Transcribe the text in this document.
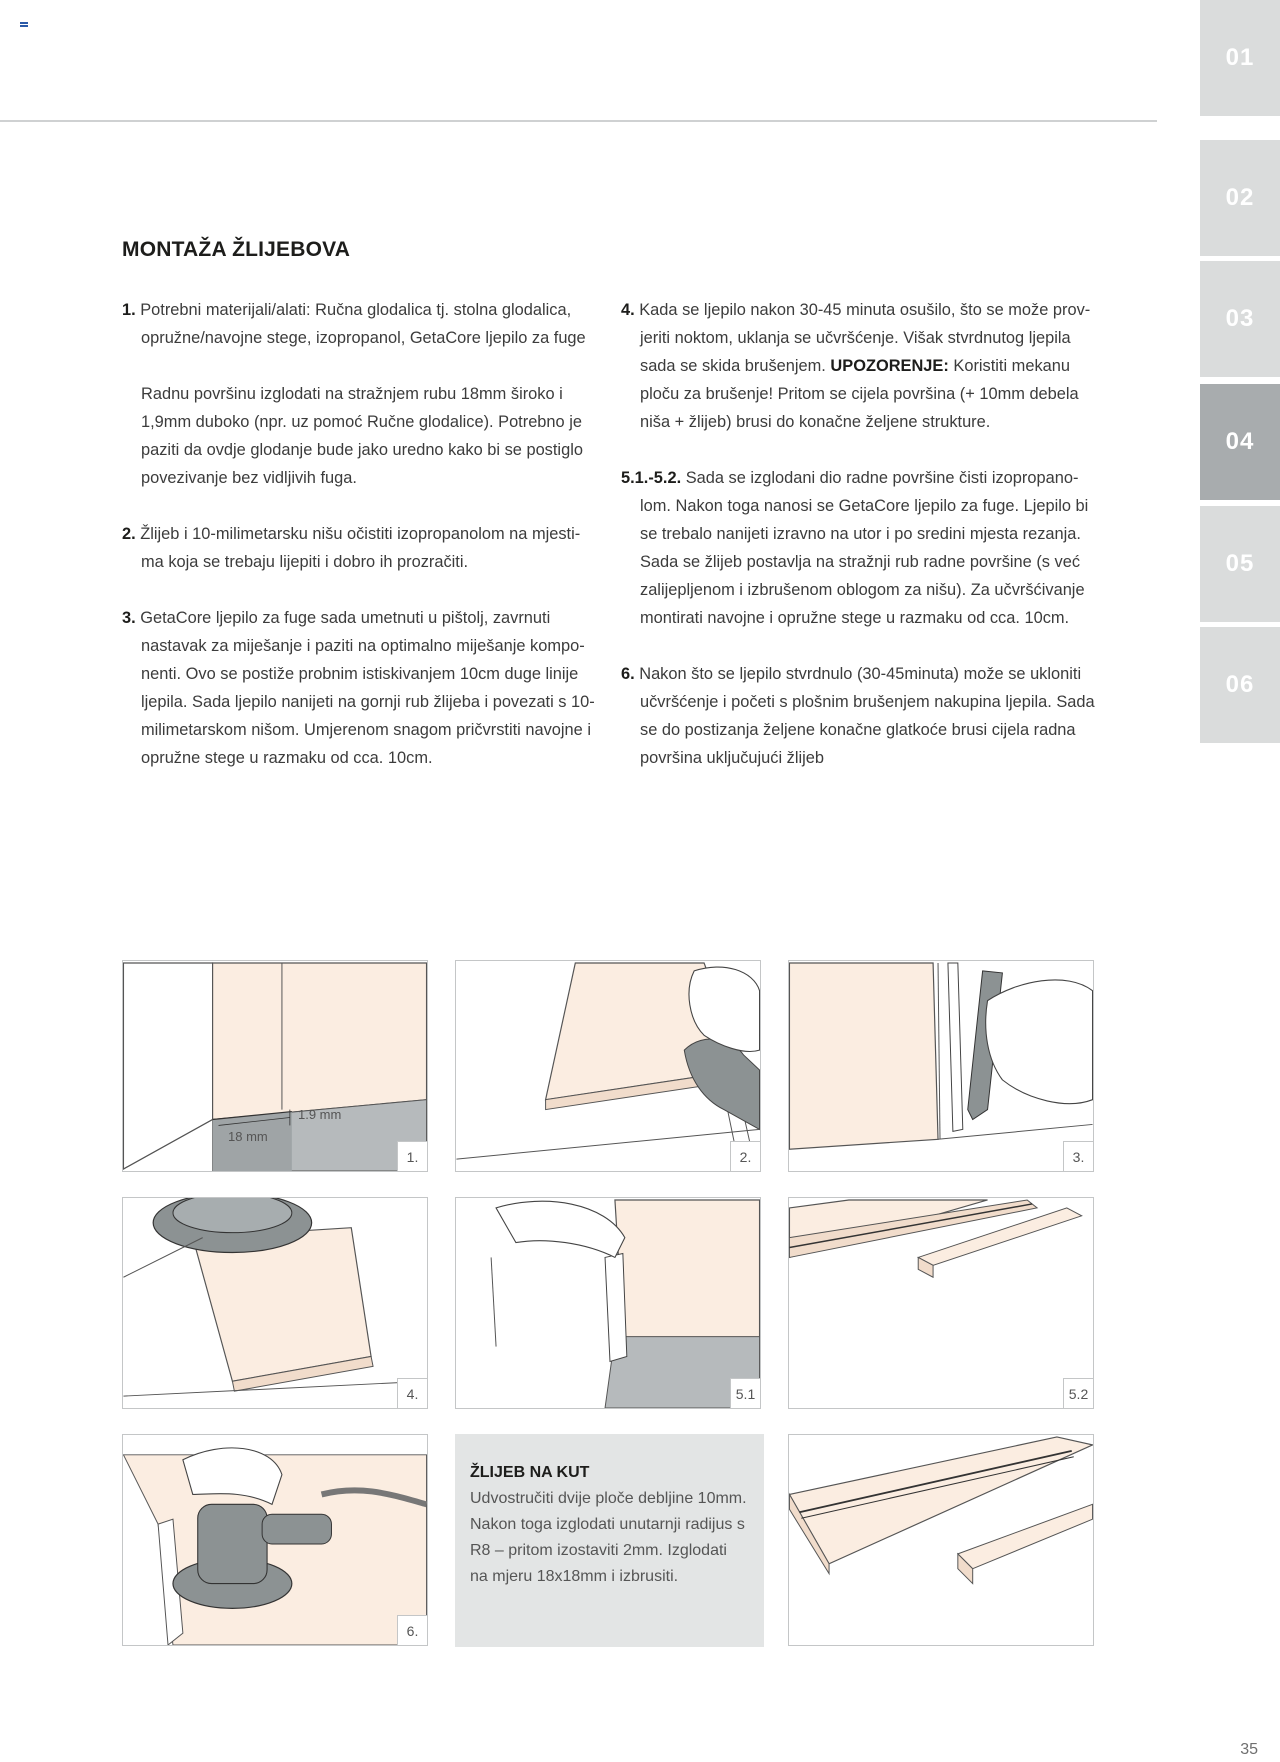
01
02
03
04
05
06
MONTAŽA ŽLIJEBOVA

1. Potrebni materijali/alati: Ručna glodalica tj. stolna glodalica, opružne/navojne stege, izopropanol, GetaCore ljepilo za fuge

Radnu površinu izglodati na stražnjem rubu 18mm široko i 1,9mm duboko (npr. uz pomoć Ručne glodalice). Potrebno je paziti da ovdje glodanje bude jako uredno kako bi se postiglo povezivanje bez vidljivih fuga.

2. Žlijeb i 10-milimetarsku nišu očistiti izopropanolom na mjesti-ma koja se trebaju lijepiti i dobro ih prozračiti.

3. GetaCore ljepilo za fuge sada umetnuti u pištolj, zavrnuti nastavak za miješanje i paziti na optimalno miješanje kompo-nenti. Ovo se postiže probnim istiskivanjem 10cm duge linije ljepila. Sada ljepilo nanijeti na gornji rub žlijeba i povezati s 10-milimetarskom nišom. Umjerenom snagom pričvrstiti navojne i opružne stege u razmaku od cca. 10cm.

4. Kada se ljepilo nakon 30-45 minuta osušilo, što se može prov-jeriti noktom, uklanja se učvršćenje. Višak stvrdnutog ljepila sada se skida brušenjem. UPOZORENJE: Koristiti mekanu ploču za brušenje! Pritom se cijela površina (+ 10mm debela niša + žlijeb) brusi do konačne željene strukture.

5.1.-5.2. Sada se izglodani dio radne površine čisti izopropano-lom. Nakon toga nanosi se GetaCore ljepilo za fuge. Ljepilo bi se trebalo nanijeti izravno na utor i po sredini mjesta rezanja. Sada se žlijeb postavlja na stražnji rub radne površine (s već zalijepljenom i izbrušenom oblogom za nišu). Za učvršćivanje montirati navojne i opružne stege u razmaku od cca. 10cm.

6. Nakon što se ljepilo stvrdnulo (30-45minuta) može se ukloniti učvršćenje i početi s plošnim brušenjem nakupina ljepila. Sada se do postizanja željene konačne glatkoće brusi cijela radna površina uključujući žlijeb

1.9 mm
18 mm
1.	2.	3.
4.	5.1	5.2
6.

ŽLIJEB NA KUT

Udvostručiti dvije ploče debljine 10mm. Nakon toga izglodati unutarnji radijus s R8 – pritom izostaviti 2mm. Izglodati na mjeru 18x18mm i izbrusiti.

35
